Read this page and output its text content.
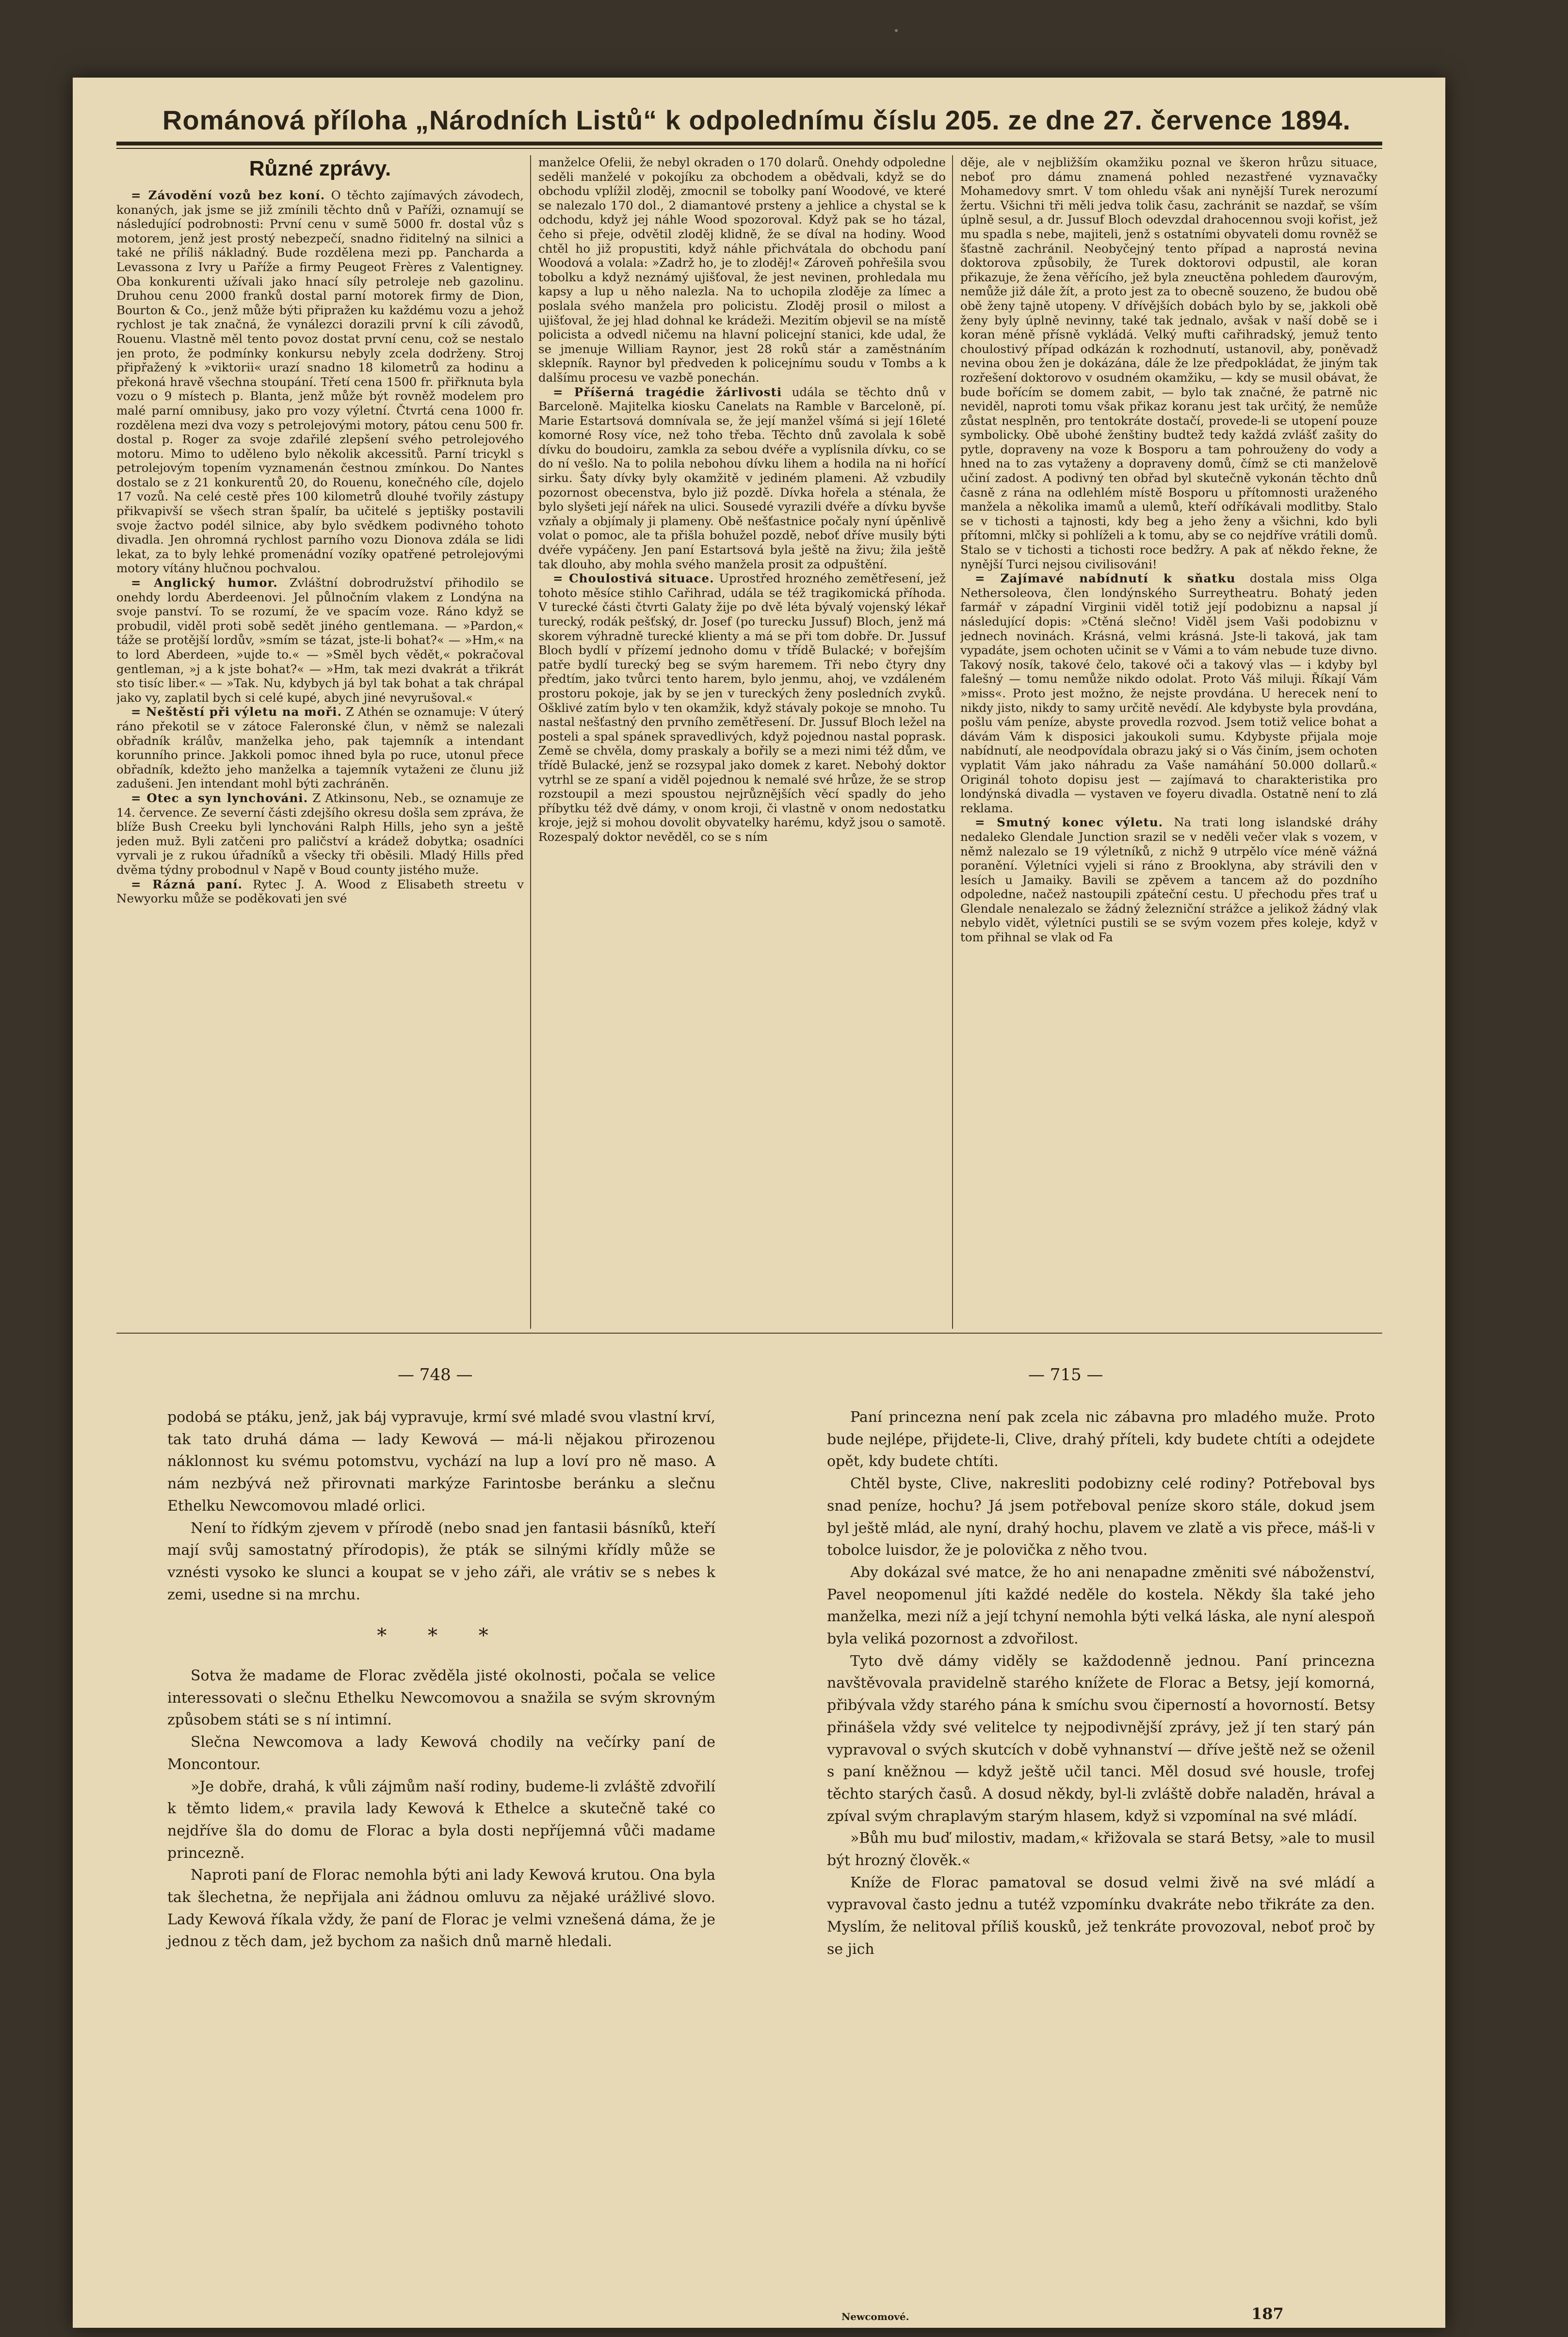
Románová příloha „Národních Listů“ k odpolednímu číslu 205. ze dne 27. července 1894.
Různé zprávy.

= Závodění vozů bez koní. O těchto zajímavých závodech, konaných, jak jsme se již zmínili těchto dnů v Paříži, oznamují se následující podrobnosti: První cenu v sumě 5000 fr. dostal vůz s motorem, jenž jest prostý nebezpečí, snadno řiditelný na silnici a také ne příliš nákladný. Bude rozdělena mezi pp. Pancharda a Levassona z Ivry u Paříže a firmy Peugeot Frères z Valentigney. Oba konkurenti užívali jako hnací síly petroleje neb gazolinu. Druhou cenu 2000 franků dostal parní motorek firmy de Dion, Bourton & Co., jenž může býti připražen ku každému vozu a jehož rychlost je tak značná, že vynálezci dorazili první k cíli závodů, Rouenu. Vlastně měl tento povoz dostat první cenu, což se nestalo jen proto, že podmínky konkursu nebyly zcela dodrženy. Stroj připřažený k »viktorii« urazí snadno 18 kilometrů za hodinu a překoná hravě všechna stoupání. Třetí cena 1500 fr. přiřknuta byla vozu o 9 místech p. Blanta, jenž může být rovněž modelem pro malé parní omnibusy, jako pro vozy výletní. Čtvrtá cena 1000 fr. rozdělena mezi dva vozy s petrolejovými motory, pátou cenu 500 fr. dostal p. Roger za svoje zdařilé zlepšení svého petrolejového motoru. Mimo to uděleno bylo několik akcessitů. Parní tricykl s petrolejovým topením vyznamenán čestnou zmínkou. Do Nantes dostalo se z 21 konkurentů 20, do Rouenu, konečného cíle, dojelo 17 vozů. Na celé cestě přes 100 kilometrů dlouhé tvořily zástupy přikvapivší se všech stran špalír, ba učitelé s jeptišky postavili svoje žactvo podél silnice, aby bylo svědkem podivného tohoto divadla. Jen ohromná rychlost parního vozu Dionova zdála se lidi lekat, za to byly lehké promenádní vozíky opatřené petrolejovými motory vítány hlučnou pochvalou.

= Anglický humor. Zvláštní dobrodružství přihodilo se onehdy lordu Aberdeenovi. Jel půlnočním vlakem z Londýna na svoje panství. To se rozumí, že ve spacím voze. Ráno když se probudil, viděl proti sobě sedět jiného gentlemana. — »Pardon,« táže se protější lordův, »smím se tázat, jste-li bohat?« — »Hm,« na to lord Aberdeen, »ujde to.« — »Směl bych vědět,« pokračoval gentleman, »j a k jste bohat?« — »Hm, tak mezi dvakrát a třikrát sto tisíc liber.« — »Tak. Nu, kdybych já byl tak bohat a tak chrápal jako vy, zaplatil bych si celé kupé, abych jiné nevyrušoval.«

= Neštěstí při výletu na moři. Z Athén se oznamuje: V úterý ráno překotil se v zátoce Faleronské člun, v němž se nalezali obřadník králův, manželka jeho, pak tajemník a intendant korunního prince. Jakkoli pomoc ihned byla po ruce, utonul přece obřadník, kdežto jeho manželka a tajemník vytaženi ze člunu již zadušeni. Jen intendant mohl býti zachráněn.

= Otec a syn lynchováni. Z Atkinsonu, Neb., se oznamuje ze 14. července. Ze severní části zdejšího okresu došla sem zpráva, že blíže Bush Creeku byli lynchováni Ralph Hills, jeho syn a ještě jeden muž. Byli zatčeni pro paličství a krádež dobytka; osadníci vyrvali je z rukou úřadníků a všecky tři oběsili. Mladý Hills před dvěma týdny probodnul v Napě v Boud county jistého muže.

= Rázná paní. Rytec J. A. Wood z Elisabeth streetu v Newyorku může se poděkovati jen své

manželce Ofelii, že nebyl okraden o 170 dolarů. Onehdy odpoledne seděli manželé v pokojíku za obchodem a obědvali, když se do obchodu vplížil zloděj, zmocnil se tobolky paní Woodové, ve které se nalezalo 170 dol., 2 diamantové prsteny a jehlice a chystal se k odchodu, když jej náhle Wood spozoroval. Když pak se ho tázal, čeho si přeje, odvětil zloděj klidně, že se díval na hodiny. Wood chtěl ho již propustiti, když náhle přichvátala do obchodu paní Woodová a volala: »Zadrž ho, je to zloděj!« Zároveň pohřešila svou tobolku a když neznámý ujišťoval, že jest nevinen, prohledala mu kapsy a lup u něho nalezla. Na to uchopila zloděje za límec a poslala svého manžela pro policistu. Zloděj prosil o milost a ujišťoval, že jej hlad dohnal ke krádeži. Mezitím objevil se na místě policista a odvedl ničemu na hlavní policejní stanici, kde udal, že se jmenuje William Raynor, jest 28 roků stár a zaměstnáním sklepník. Raynor byl předveden k policejnímu soudu v Tombs a k dalšímu procesu ve vazbě ponechán.

= Příšerná tragédie žárlivosti udála se těchto dnů v Barceloně. Majitelka kiosku Canelats na Ramble v Barceloně, pí. Marie Estartsová domnívala se, že její manžel všímá si její 16leté komorné Rosy více, než toho třeba. Těchto dnů zavolala k sobě dívku do boudoiru, zamkla za sebou dvéře a vyplísnila dívku, co se do ní vešlo. Na to polila nebohou dívku lihem a hodila na ni hořící sirku. Šaty dívky byly okamžitě v jediném plameni. Až vzbudily pozornost obecenstva, bylo již pozdě. Dívka hořela a sténala, že bylo slyšeti její nářek na ulici. Sousedé vyrazili dvéře a dívku byvše vzňaly a objímaly ji plameny. Obě nešťastnice počaly nyní úpěnlivě volat o pomoc, ale ta přišla bohužel pozdě, neboť dříve musily býti dvéře vypáčeny. Jen paní Estartsová byla ještě na živu; žila ještě tak dlouho, aby mohla svého manžela prosit za odpuštění.

= Choulostivá situace. Uprostřed hrozného zemětřesení, jež tohoto měsíce stihlo Cařihrad, udála se též tragikomická příhoda. V turecké části čtvrti Galaty žije po dvě léta bývalý vojenský lékař turecký, rodák pešťský, dr. Josef (po turecku Jussuf) Bloch, jenž má skorem výhradně turecké klienty a má se při tom dobře. Dr. Jussuf Bloch bydlí v přízemí jednoho domu v třídě Bulacké; v bořejším patře bydlí turecký beg se svým haremem. Tři nebo čtyry dny předtím, jako tvůrci tento harem, bylo jenmu, ahoj, ve vzdáleném prostoru pokoje, jak by se jen v tureckých ženy posledních zvyků. Ošklivé zatím bylo v ten okamžik, když stávaly pokoje se mnoho. Tu nastal nešťastný den prvního zemětřesení. Dr. Jussuf Bloch ležel na posteli a spal spánek spravedlivých, když pojednou nastal poprask. Země se chvěla, domy praskaly a bořily se a mezi nimi též dům, ve třídě Bulacké, jenž se rozsypal jako domek z karet. Nebohý doktor vytrhl se ze spaní a viděl pojednou k nemalé své hrůze, že se strop rozstoupil a mezi spoustou nejrůznějších věcí spadly do jeho příbytku též dvě dámy, v onom kroji, či vlastně v onom nedostatku kroje, jejž si mohou dovolit obyvatelky harému, když jsou o samotě. Rozespalý doktor nevěděl, co se s ním

děje, ale v nejbližším okamžiku poznal ve škeron hrůzu situace, neboť pro dámu znamená pohled nezastřené vyznavačky Mohamedovy smrt. V tom ohledu však ani nynější Turek nerozumí žertu. Všichni tři měli jedva tolik času, zachránit se nazdař, se vším úplně sesul, a dr. Jussuf Bloch odevzdal drahocennou svoji kořist, jež mu spadla s nebe, majiteli, jenž s ostatními obyvateli domu rovněž se šťastně zachránil. Neobyčejný tento případ a naprostá nevina doktorova způsobily, že Turek doktorovi odpustil, ale koran přikazuje, že žena věřícího, jež byla zneuctěna pohledem ďaurovým, nemůže již dále žít, a proto jest za to obecně souzeno, že budou obě obě ženy tajně utopeny. V dřívějších dobách bylo by se, jakkoli obě ženy byly úplně nevinny, také tak jednalo, avšak v naší době se i koran méně přísně vykládá. Velký mufti cařihradský, jemuž tento choulostivý případ odkázán k rozhodnutí, ustanovil, aby, poněvadž nevina obou žen je dokázána, dále že lze předpokládat, že jiným tak rozřešení doktorovo v osudném okamžiku, — kdy se musil obávat, že bude bořícím se domem zabit, — bylo tak značné, že patrně nic neviděl, naproti tomu však přikaz koranu jest tak určitý, že nemůže zůstat nesplněn, pro tentokráte dostačí, provede-li se utopení pouze symbolicky. Obě ubohé ženštiny budtež tedy každá zvlášť zašity do pytle, dopraveny na voze k Bosporu a tam pohrouženy do vody a hned na to zas vytaženy a dopraveny domů, čímž se cti manželově učiní zadost. A podivný ten obřad byl skutečně vykonán těchto dnů časně z rána na odlehlém místě Bosporu u přítomnosti uraženého manžela a několika imamů a ulemů, kteří odříkávali modlitby. Stalo se v tichosti a tajnosti, kdy beg a jeho ženy a všichni, kdo byli přítomni, mlčky si pohlíželi a k tomu, aby se co nejdříve vrátili domů. Stalo se v tichosti a tichosti roce bedžry. A pak ať někdo řekne, že nynější Turci nejsou civilisováni!

= Zajímavé nabídnutí k sňatku dostala miss Olga Nethersoleova, člen londýnského Surreytheatru. Bohatý jeden farmář v západní Virginii viděl totiž její podobiznu a napsal jí následující dopis: »Ctěná slečno! Viděl jsem Vaši podobiznu v jednech novinách. Krásná, velmi krásná. Jste-li taková, jak tam vypadáte, jsem ochoten učinit se v Vámi a to vám nebude tuze divno. Takový nosík, takové čelo, takové oči a takový vlas — i kdyby byl falešný — tomu nemůže nikdo odolat. Proto Váš miluji. Říkají Vám »miss«. Proto jest možno, že nejste provdána. U herecek není to nikdy jisto, nikdy to samy určitě nevědí. Ale kdybyste byla provdána, pošlu vám peníze, abyste provedla rozvod. Jsem totiž velice bohat a dávám Vám k disposici jakoukoli sumu. Kdybyste přijala moje nabídnutí, ale neodpovídala obrazu jaký si o Vás činím, jsem ochoten vyplatit Vám jako náhradu za Vaše namáhání 50.000 dollarů.« Originál tohoto dopisu jest — zajímavá to charakteristika pro londýnská divadla — vystaven ve foyeru divadla. Ostatně není to zlá reklama.

= Smutný konec výletu. Na trati long islandské dráhy nedaleko Glendale Junction srazil se v neděli večer vlak s vozem, v němž nalezalo se 19 výletníků, z nichž 9 utrpělo více méně vážná poranění. Výletníci vyjeli si ráno z Brooklyna, aby strávili den v lesích u Jamaiky. Bavili se zpěvem a tancem až do pozdního odpoledne, načež nastoupili zpáteční cestu. U přechodu přes trať u Glendale nenalezalo se žádný železniční strážce a jelikož žádný vlak nebylo vidět, výletníci pustili se se svým vozem přes koleje, když v tom přihnal se vlak od Fa

— 748 —	— 715 —

podobá se ptáku, jenž, jak báj vypravuje, krmí své mladé svou vlastní krví, tak tato druhá dáma — lady Kewová — má-li nějakou přirozenou náklonnost ku svému potomstvu, vychází na lup a loví pro ně maso. A nám nezbývá než přirovnati markýze Farintosbe beránku a slečnu Ethelku Newcomovou mladé orlici.

Není to řídkým zjevem v přírodě (nebo snad jen fantasii básníků, kteří mají svůj samostatný přírodopis), že pták se silnými křídly může se vznésti vysoko ke slunci a koupat se v jeho záři, ale vrátiv se s nebes k zemi, usedne si na mrchu.

* * *

Sotva že madame de Florac zvěděla jisté okolnosti, počala se velice interessovati o slečnu Ethelku Newcomovou a snažila se svým skrovným způsobem státi se s ní intimní.

Slečna Newcomova a lady Kewová chodily na večírky paní de Moncontour.

»Je dobře, drahá, k vůli zájmům naší rodiny, budeme-li zvláště zdvořilí k těmto lidem,« pravila lady Kewová k Ethelce a skutečně také co nejdříve šla do domu de Florac a byla dosti nepříjemná vůči madame princezně.

Naproti paní de Florac nemohla býti ani lady Kewová krutou. Ona byla tak šlechetna, že nepřijala ani žádnou omluvu za nějaké urážlivé slovo. Lady Kewová říkala vždy, že paní de Florac je velmi vznešená dáma, že je jednou z těch dam, jež bychom za našich dnů marně hledali.

Paní princezna není pak zcela nic zábavna pro mladého muže. Proto bude nejlépe, přijdete-li, Clive, drahý příteli, kdy budete chtíti a odejdete opět, kdy budete chtíti.

Chtěl byste, Clive, nakresliti podobizny celé rodiny? Potřeboval bys snad peníze, hochu? Já jsem potřeboval peníze skoro stále, dokud jsem byl ještě mlád, ale nyní, drahý hochu, plavem ve zlatě a vis přece, máš-li v tobolce luisdor, že je polovička z něho tvou.

Aby dokázal své matce, že ho ani nenapadne změniti své náboženství, Pavel neopomenul jíti každé neděle do kostela. Někdy šla také jeho manželka, mezi níž a její tchyní nemohla býti velká láska, ale nyní alespoň byla veliká pozornost a zdvořilost.

Tyto dvě dámy viděly se každodenně jednou. Paní princezna navštěvovala pravidelně starého knížete de Florac a Betsy, její komorná, přibývala vždy starého pána k smíchu svou čiperností a hovorností. Betsy přinášela vždy své velitelce ty nejpodivnější zprávy, jež jí ten starý pán vypravoval o svých skutcích v době vyhnanství — dříve ještě než se oženil s paní kněžnou — když ještě učil tanci. Měl dosud své housle, trofej těchto starých časů. A dosud někdy, byl-li zvláště dobře naladěn, hrával a zpíval svým chraplavým starým hlasem, když si vzpomínal na své mládí.

»Bůh mu buď milostiv, madam,« křižovala se stará Betsy, »ale to musil být hrozný člověk.«

Kníže de Florac pamatoval se dosud velmi živě na své mládí a vypravoval často jednu a tutéž vzpomínku dvakráte nebo třikráte za den. Myslím, že nelitoval příliš kousků, jež tenkráte provozoval, neboť proč by se jich

Newcomové.	187
